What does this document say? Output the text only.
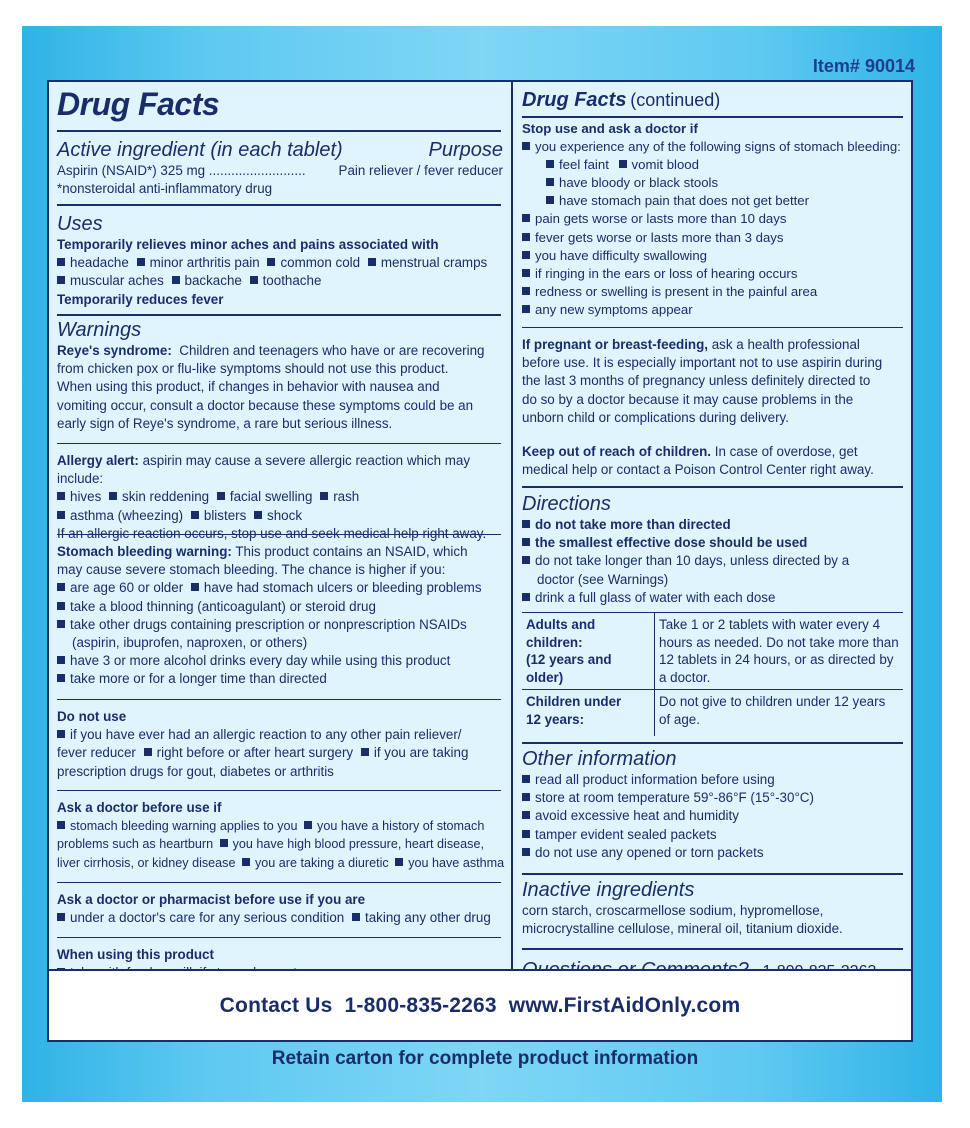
Item# 90014
Drug Facts
Active ingredient (in each tablet)	Purpose
Aspirin (NSAID*) 325 mg .......................... Pain reliever / fever reducer
*nonsteroidal anti-inflammatory drug
Uses
Temporarily relieves minor aches and pains associated with
headache minor arthritis pain common cold menstrual cramps
muscular aches backache toothache
Temporarily reduces fever
Warnings
Reye's syndrome: Children and teenagers who have or are recovering
from chicken pox or flu-like symptoms should not use this product.
When using this product, if changes in behavior with nausea and
vomiting occur, consult a doctor because these symptoms could be an
early sign of Reye's syndrome, a rare but serious illness.
Allergy alert: aspirin may cause a severe allergic reaction which may include:
hives skin reddening facial swelling rash
asthma (wheezing) blisters shock
If an allergic reaction occurs, stop use and seek medical help right away.
Stomach bleeding warning: This product contains an NSAID, which
may cause severe stomach bleeding. The chance is higher if you:
are age 60 or older have had stomach ulcers or bleeding problems
take a blood thinning (anticoagulant) or steroid drug
take other drugs containing prescription or nonprescription NSAIDs
(aspirin, ibuprofen, naproxen, or others)
have 3 or more alcohol drinks every day while using this product
take more or for a longer time than directed
Do not use
if you have ever had an allergic reaction to any other pain reliever/
fever reducer right before or after heart surgery if you are taking
prescription drugs for gout, diabetes or arthritis
Ask a doctor before use if
stomach bleeding warning applies to you you have a history of stomach
problems such as heartburn you have high blood pressure, heart disease,
liver cirrhosis, or kidney disease you are taking a diuretic you have asthma
Ask a doctor or pharmacist before use if you are
under a doctor's care for any serious condition taking any other drug
When using this product
Drug Facts (continued)
Stop use and ask a doctor if
you experience any of the following signs of stomach bleeding:
feel faint vomit blood
have bloody or black stools
have stomach pain that does not get better
pain gets worse or lasts more than 10 days
fever gets worse or lasts more than 3 days
you have difficulty swallowing
if ringing in the ears or loss of hearing occurs
redness or swelling is present in the painful area
any new symptoms appear
If pregnant or breast-feeding, ask a health professional
before use. It is especially important not to use aspirin during
the last 3 months of pregnancy unless definitely directed to
do so by a doctor because it may cause problems in the
unborn child or complications during delivery.
Keep out of reach of children. In case of overdose, get
medical help or contact a Poison Control Center right away.
Directions
do not take more than directed
the smallest effective dose should be used
do not take longer than 10 days, unless directed by a
doctor (see Warnings)
drink a full glass of water with each dose
Adults and children:
(12 years and older)	Take 1 or 2 tablets with water every 4 hours as needed. Do not take more than 12 tablets in 24 hours, or as directed by a doctor.

Children under
12 years:	Do not give to children under 12 years of age.
Other information
read all product information before using
store at room temperature 59°-86°F (15°-30°C)
avoid excessive heat and humidity
tamper evident sealed packets
do not use any opened or torn packets
Inactive ingredients
corn starch, croscarmellose sodium, hypromellose,
microcrystalline cellulose, mineral oil, titanium dioxide.
Contact Us 1-800-835-2263 www.FirstAidOnly.com
Retain carton for complete product information
